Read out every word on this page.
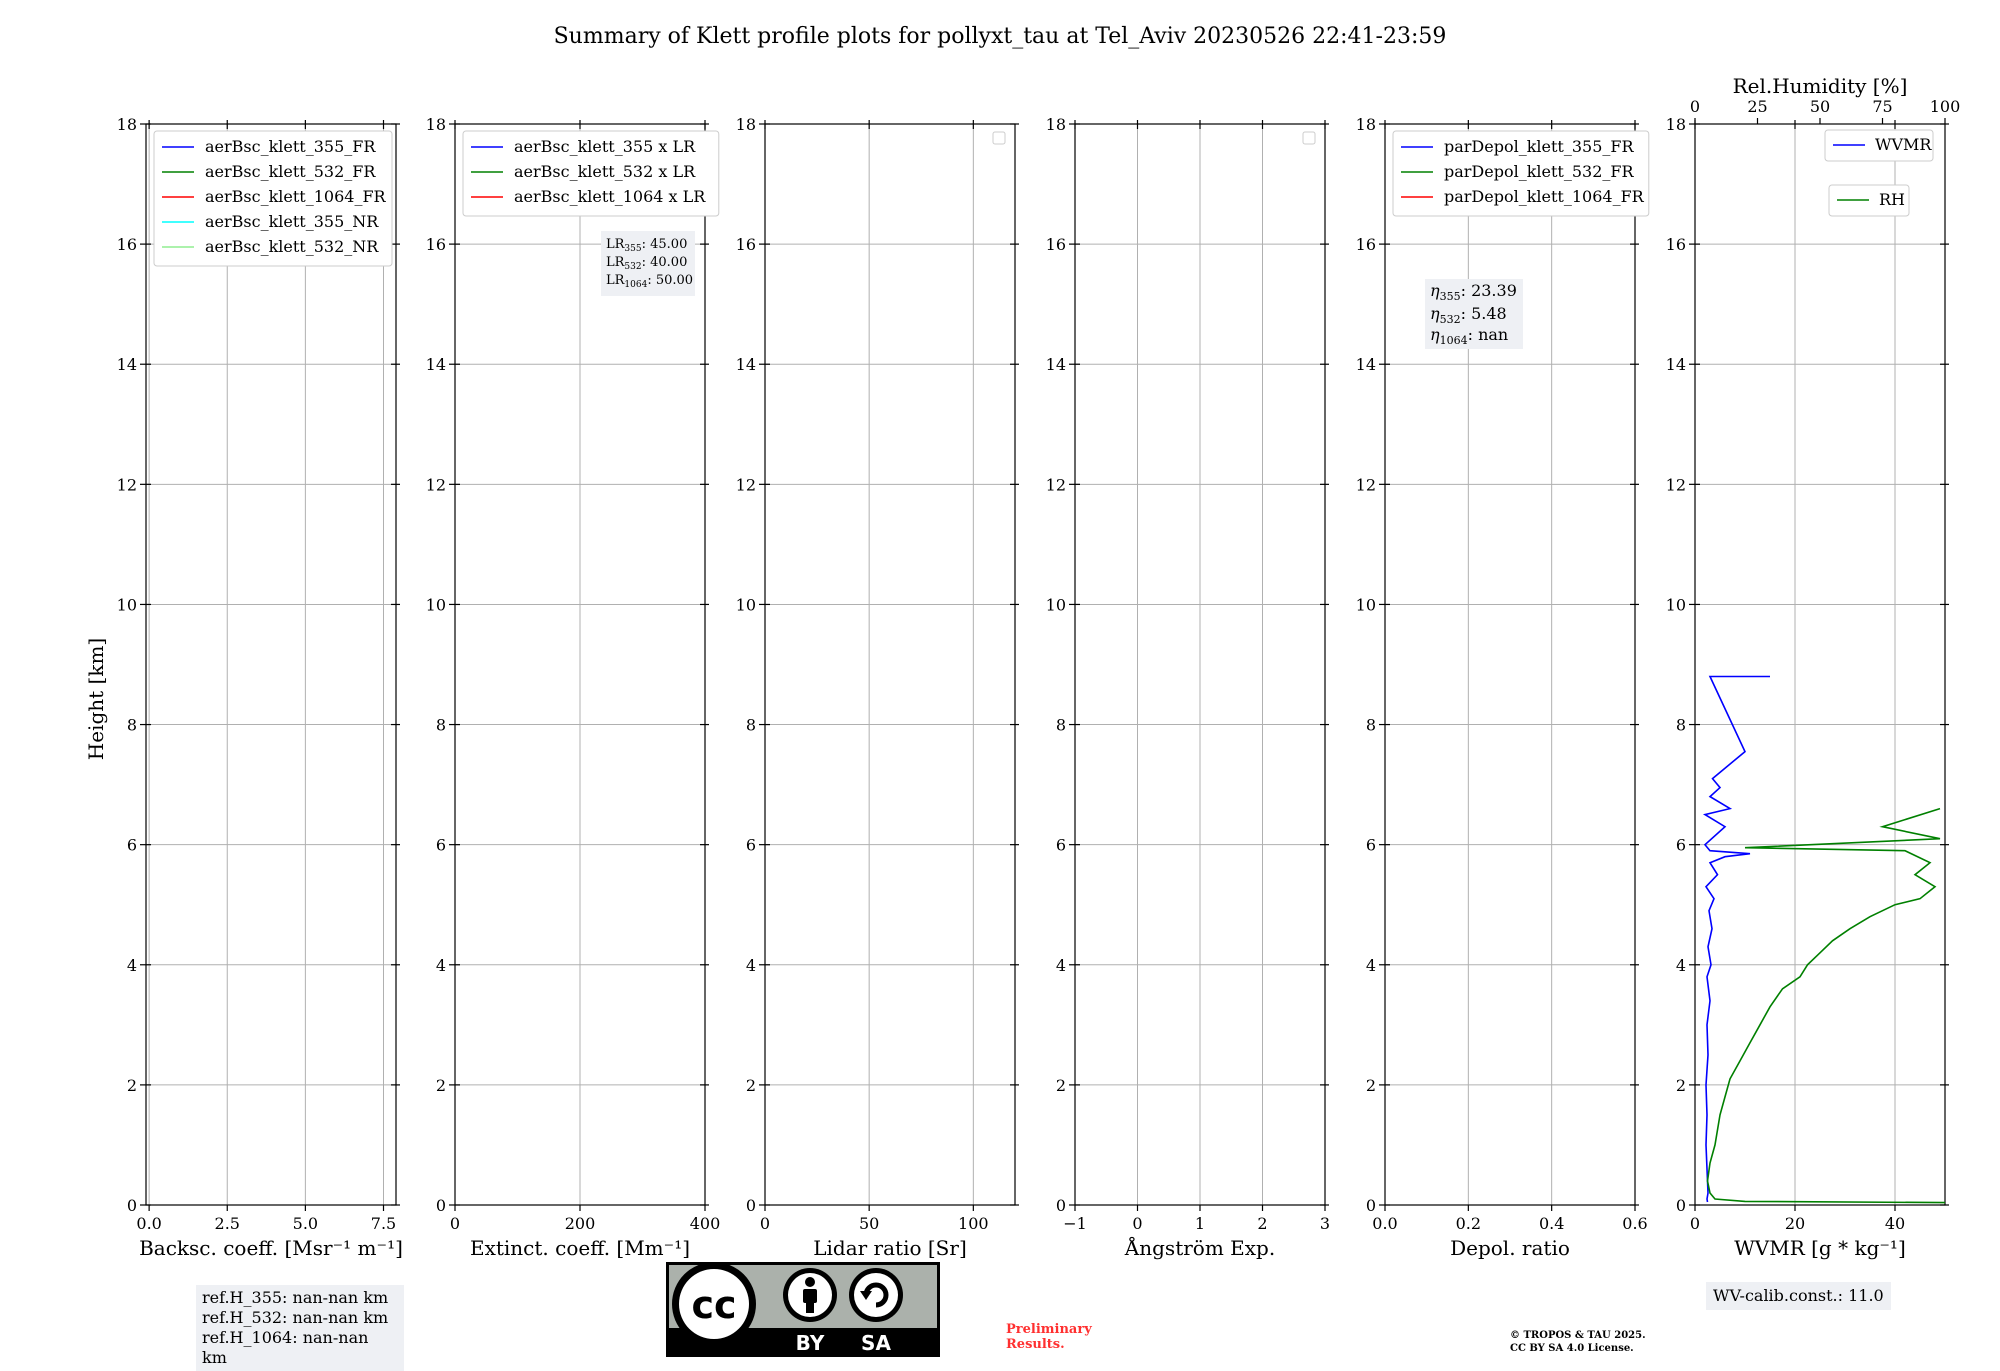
Summary of Klett profile plots for pollyxt_tau at Tel_Aviv 20230526 22:41-23:59
Height [km]
0
2
4
6
8
10
12
14
16
18
0.0	2.5	5.0	7.5
Backsc. coeff. [Msr⁻¹ m⁻¹]
aerBsc_klett_355_FR
aerBsc_klett_532_FR
aerBsc_klett_1064_FR
aerBsc_klett_355_NR
aerBsc_klett_532_NR
0
2
4
6
8
10
12
14
16
18
0	200	400
Extinct. coeff. [Mm⁻¹]
aerBsc_klett_355 x LR
aerBsc_klett_532 x LR
aerBsc_klett_1064 x LR
0
2
4
6
8
10
12
14
16
18
0	50	100
Lidar ratio [Sr]
0
2
4
6
8
10
12
14
16
18
−1	0	1	2	3
Ångström Exp.
0
2
4
6
8
10
12
14
16
18
0.0	0.2	0.4	0.6
Depol. ratio
parDepol_klett_355_FR
parDepol_klett_532_FR
parDepol_klett_1064_FR
0
2
4
6
8
10
12
14
16
18
0	20	40
WVMR [g * kg⁻¹]
0	25	50	75 100
Rel.Humidity [%]
WVMR
RH
$LR_{355}$: 45.00
$LR_{532}$: 40.00
$LR_{1064}$: 50.00
$\eta_{355}$: 23.39
$\eta_{532}$: 5.48
$\eta_{1064}$: nan
cc
BY SA
Preliminary Results.
© TROPOS & TAU 2025. CC BY SA 4.0 License.
ref.H_355: nan-nan km
ref.H_532: nan-nan km
ref.H_1064: nan-nan km
WV-calib.const.: 11.0
